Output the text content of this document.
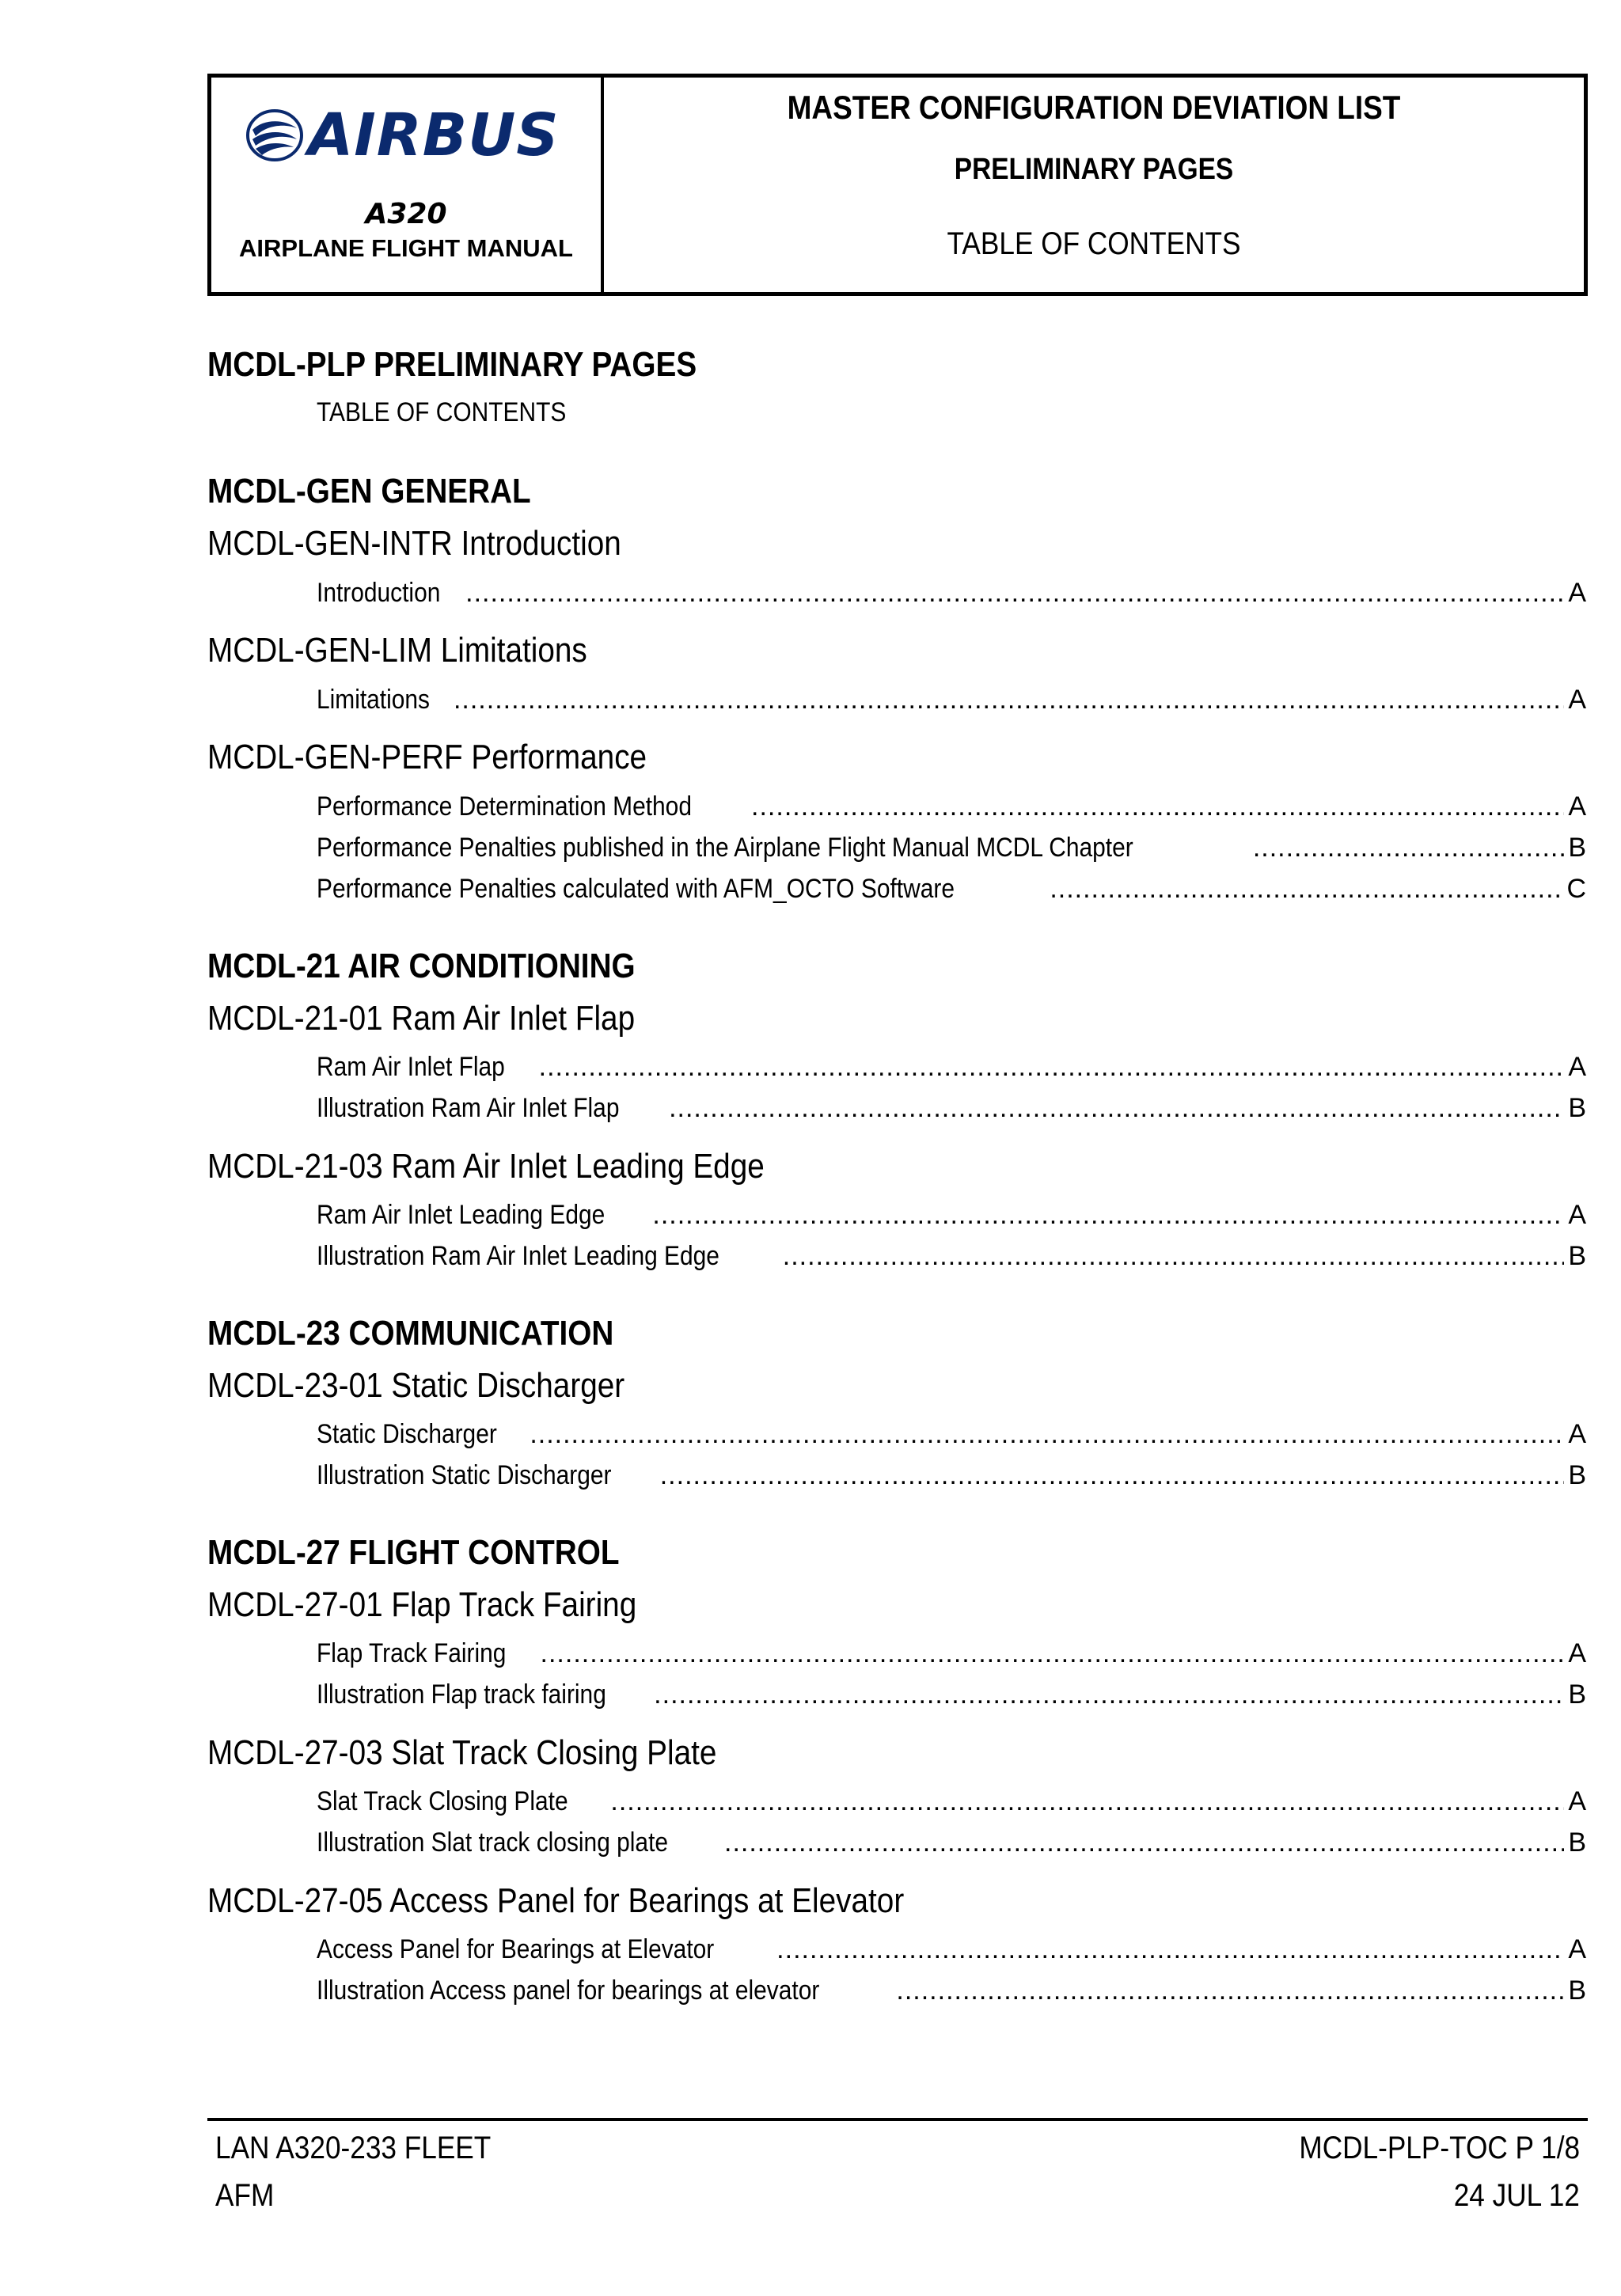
AIRBUS
A320
AIRPLANE FLIGHT MANUAL
MASTER CONFIGURATION DEVIATION LIST
PRELIMINARY PAGES
TABLE OF CONTENTS
MCDL-PLP PRELIMINARY PAGES
TABLE OF CONTENTS
MCDL-GEN GENERAL
MCDL-GEN-INTR Introduction
Introduction .....	A
MCDL-GEN-LIM Limitations
Limitations .....	A
MCDL-GEN-PERF Performance
Performance Determination Method .....	A
Performance Penalties published in the Airplane Flight Manual MCDL Chapter .....	B
Performance Penalties calculated with AFM_OCTO Software .....	C
MCDL-21 AIR CONDITIONING
MCDL-21-01 Ram Air Inlet Flap
Ram Air Inlet Flap .....	A
Illustration Ram Air Inlet Flap .....	B
MCDL-21-03 Ram Air Inlet Leading Edge
Ram Air Inlet Leading Edge .....	A
Illustration Ram Air Inlet Leading Edge .....	B
MCDL-23 COMMUNICATION
MCDL-23-01 Static Discharger
Static Discharger .....	A
Illustration Static Discharger .....	B
MCDL-27 FLIGHT CONTROL
MCDL-27-01 Flap Track Fairing
Flap Track Fairing .....	A
Illustration Flap track fairing .....	B
MCDL-27-03 Slat Track Closing Plate
Slat Track Closing Plate .....	A
Illustration Slat track closing plate .....	B
MCDL-27-05 Access Panel for Bearings at Elevator
Access Panel for Bearings at Elevator .....	A
Illustration Access panel for bearings at elevator .....	B
LAN A320-233 FLEET
AFM
MCDL-PLP-TOC P 1/8
24 JUL 12
